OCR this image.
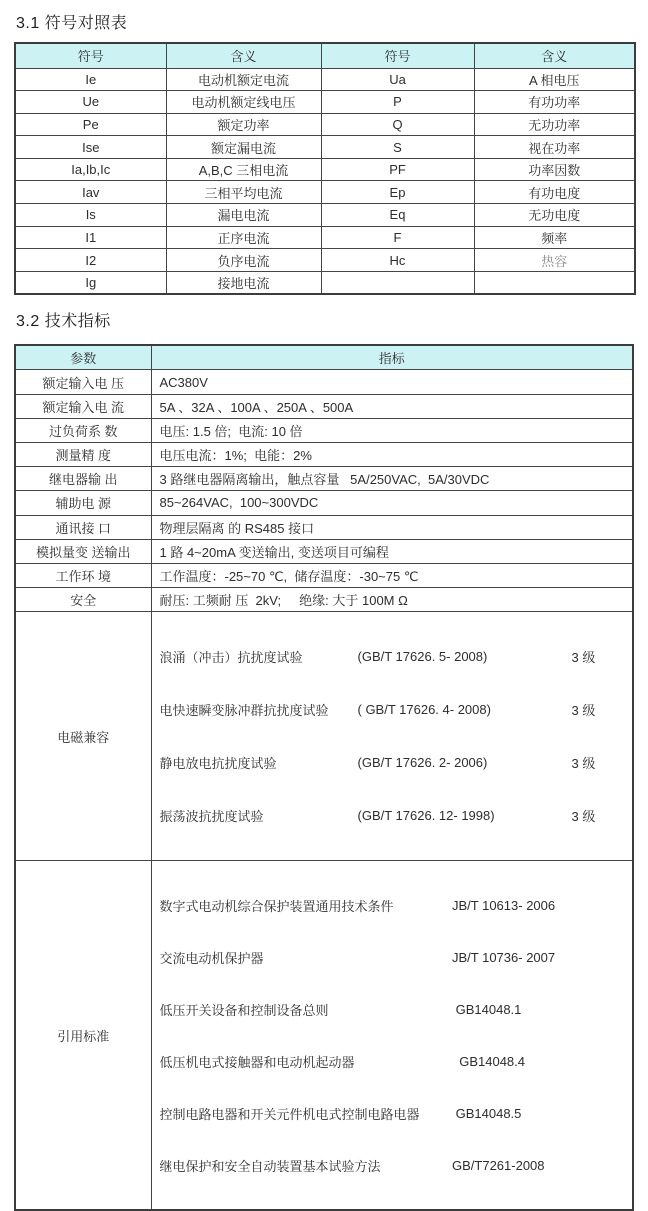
3.1 符号对照表
符号	含义	符号	含义
Ie	电动机额定电流	Ua	A 相电压
Ue	电动机额定线电压	P	有功功率
Pe	额定功率	Q	无功功率
Ise	额定漏电流	S	视在功率
Ia,Ib,Ic	A,B,C 三相电流	PF	功率因数
Iav	三相平均电流	Ep	有功电度
Is	漏电电流	Eq	无功电度
I1	正序电流	F	频率
I2	负序电流	Hc	热容
Ig	接地电流		
3.2 技术指标
参数	指标
额定输入电 压	AC380V
额定输入电 流	5A 、32A 、100A 、250A 、500A
过负荷系 数	电压: 1.5 倍;  电流: 10 倍
测量精 度	电压电流：1%;  电能：2%
继电器输 出	3 路继电器隔离输出，触点容量   5A/250VAC,  5A/30VDC
辅助电 源	85~264VAC,  100~300VDC
通讯接 口	物理层隔离 的 RS485 接口
模拟量变 送输出	1 路 4~20mA 变送输出, 变送项目可编程
工作环 境	工作温度：-25~70 ℃,  储存温度：-30~75 ℃
安全	耐压: 工频耐 压  2kV;     绝缘: 大于 100M Ω
电磁兼容	

浪涌（冲击）抗扰度试验	(GB/T 17626. 5- 2008)	3 级

电快速瞬变脉冲群抗扰度试验	( GB/T 17626. 4- 2008)	3 级

静电放电抗扰度试验	(GB/T 17626. 2- 2006)	3 级

振荡波抗扰度试验	(GB/T 17626. 12- 1998)	3 级

引用标准	

数字式电动机综合保护装置通用技术条件	JB/T 10613- 2006

交流电动机保护器	JB/T 10736- 2007

低压开关设备和控制设备总则	GB14048.1

低压机电式接触器和电动机起动器	GB14048.4

控制电路电器和开关元件机电式控制电路电器	GB14048.5

继电保护和安全自动装置基本试验方法	GB/T7261-2008
